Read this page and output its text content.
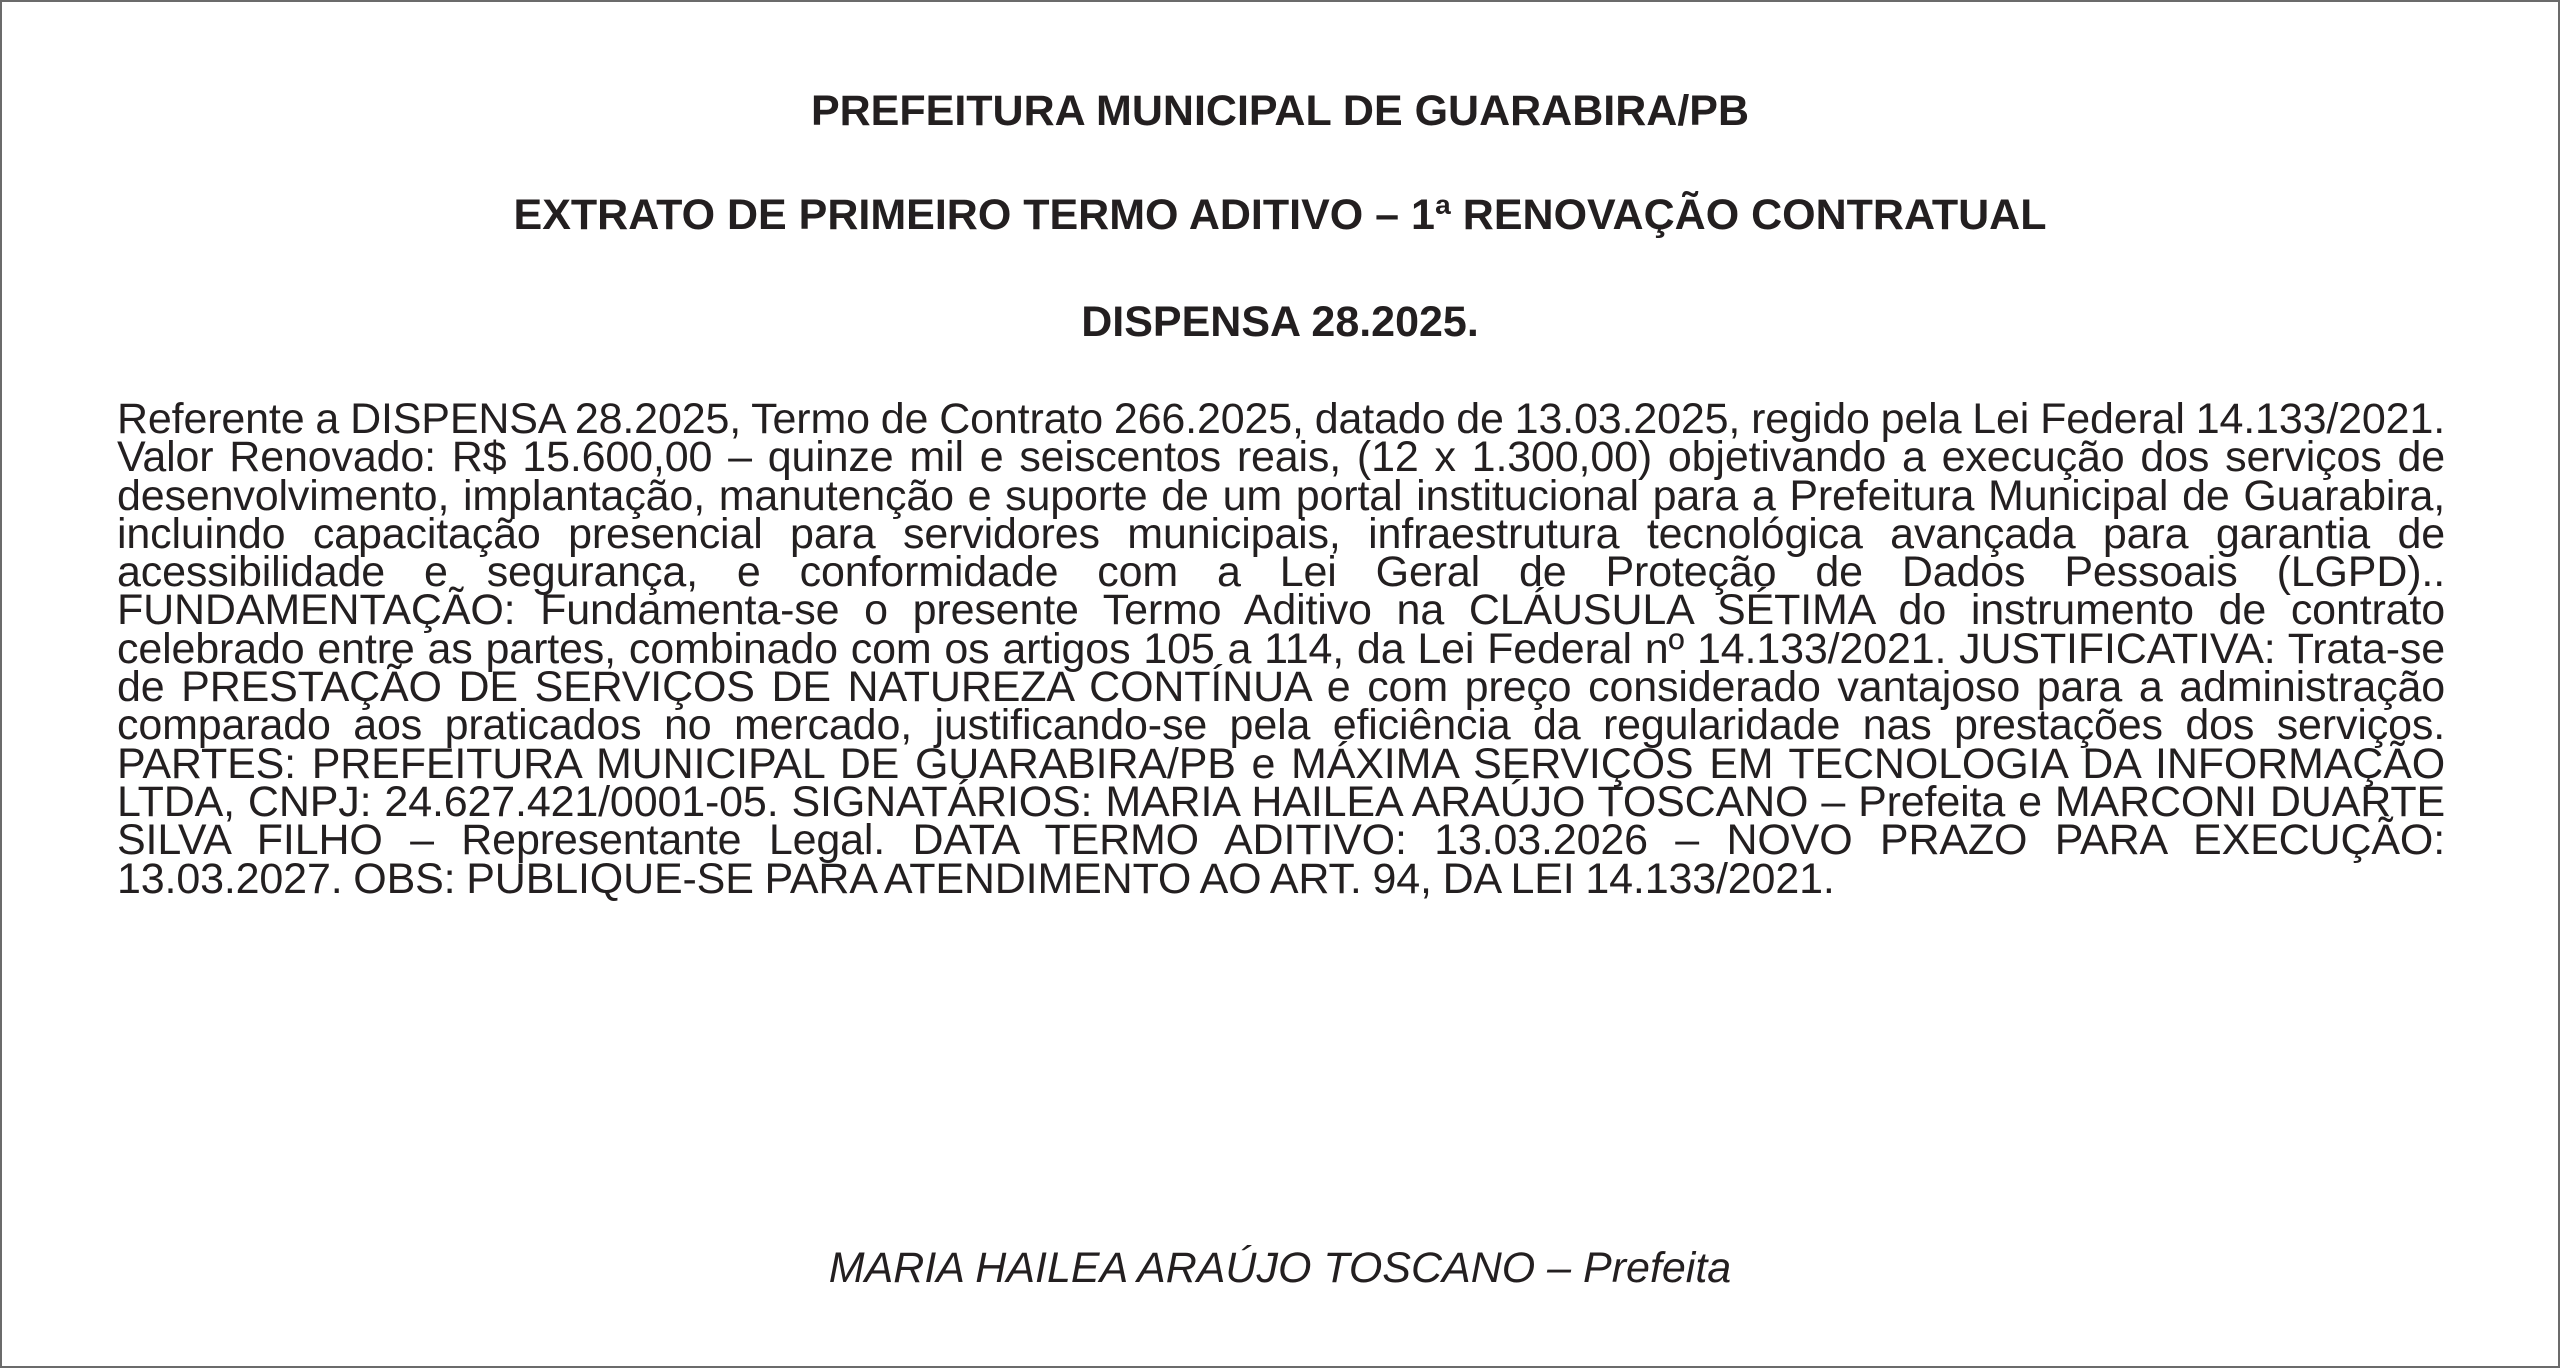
PREFEITURA MUNICIPAL DE GUARABIRA/PB
EXTRATO DE PRIMEIRO TERMO ADITIVO – 1ª RENOVAÇÃO CONTRATUAL
DISPENSA 28.2025.

Referente a DISPENSA 28.2025, Termo de Contrato 266.2025, datado de 13.03.2025, regido pela Lei Federal 14.133/2021. Valor Renovado: R$ 15.600,00 – quinze mil e seiscentos reais, (12 x 1.300,00) objetivando a execução dos serviços de desenvolvimento, implantação, manutenção e suporte de um portal institucional para a Prefeitura Municipal de Guarabira, incluindo capacitação presencial para servidores municipais, infraestrutura tecnológica avançada para garantia de acessibilidade e segurança, e conformidade com a Lei Geral de Proteção de Dados Pessoais (LGPD).. FUNDAMENTAÇÃO: Fundamenta-se o presente Termo Aditivo na CLÁUSULA SÉTIMA do instrumento de contrato celebrado entre as partes, combinado com os artigos 105 a 114, da Lei Federal nº 14.133/2021. JUSTIFICATIVA: Trata-se de PRESTAÇÃO DE SERVIÇOS DE NATUREZA CONTÍNUA e com preço considerado vantajoso para a administração comparado aos praticados no mercado, justificando-se pela eficiência da regularidade nas prestações dos serviços. PARTES: PREFEITURA MUNICIPAL DE GUARABIRA/PB e MÁXIMA SERVIÇOS EM TECNOLOGIA DA INFORMAÇÃO LTDA, CNPJ: 24.627.421/0001-05. SIGNATÁRIOS: MARIA HAILEA ARAÚJO TOSCANO – Prefeita e MARCONI DUARTE SILVA FILHO – Representante Legal. DATA TERMO ADITIVO: 13.03.2026 – NOVO PRAZO PARA EXECUÇÃO: 13.03.2027. OBS: PUBLIQUE-SE PARA ATENDIMENTO AO ART. 94, DA LEI 14.133/2021.

MARIA HAILEA ARAÚJO TOSCANO – Prefeita
